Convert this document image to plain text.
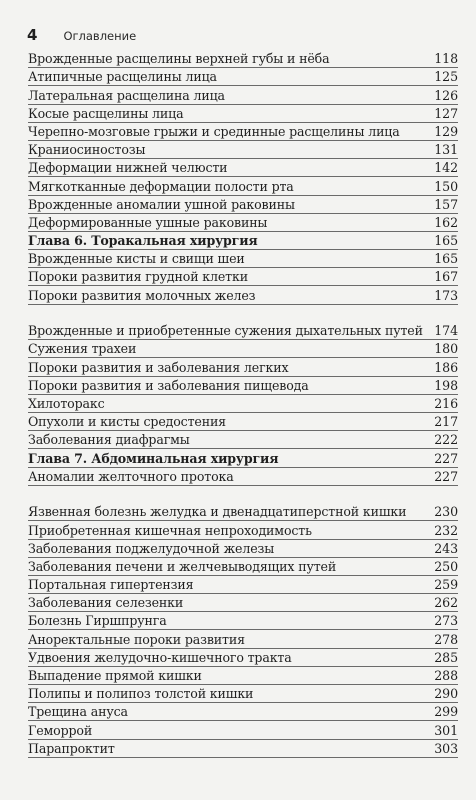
4 Оглавление
Врожденные расщелины верхней губы и нёба	118
Атипичные расщелины лица	125
Латеральная расщелина лица	126
Косые расщелины лица	127
Черепно-мозговые грыжи и срединные расщелины лица	129
Краниосиностозы	131
Деформации нижней челюсти	142
Мягкотканные деформации полости рта	150
Врожденные аномалии ушной раковины	157
Деформированные ушные раковины	162
Глава 6. Торакальная хирургия	165
Врожденные кисты и свищи шеи	165
Пороки развития грудной клетки	167
Пороки развития молочных желез	173
Врожденные и приобретенные сужения дыхательных путей 174
Сужения трахеи	180
Пороки развития и заболевания легких	186
Пороки развития и заболевания пищевода	198
Хилоторакс	216
Опухоли и кисты средостения	217
Заболевания диафрагмы	222
Глава 7. Абдоминальная хирургия	227
Аномалии желточного протока	227
Язвенная болезнь желудка и двенадцатиперстной кишки	230
Приобретенная кишечная непроходимость	232
Заболевания поджелудочной железы	243
Заболевания печени и желчевыводящих путей	250
Портальная гипертензия	259
Заболевания селезенки	262
Болезнь Гиршпрунга	273
Аноректальные пороки развития	278
Удвоения желудочно-кишечного тракта	285
Выпадение прямой кишки	288
Полипы и полипоз толстой кишки	290
Трещина ануса	299
Геморрой	301
Парапроктит	303
